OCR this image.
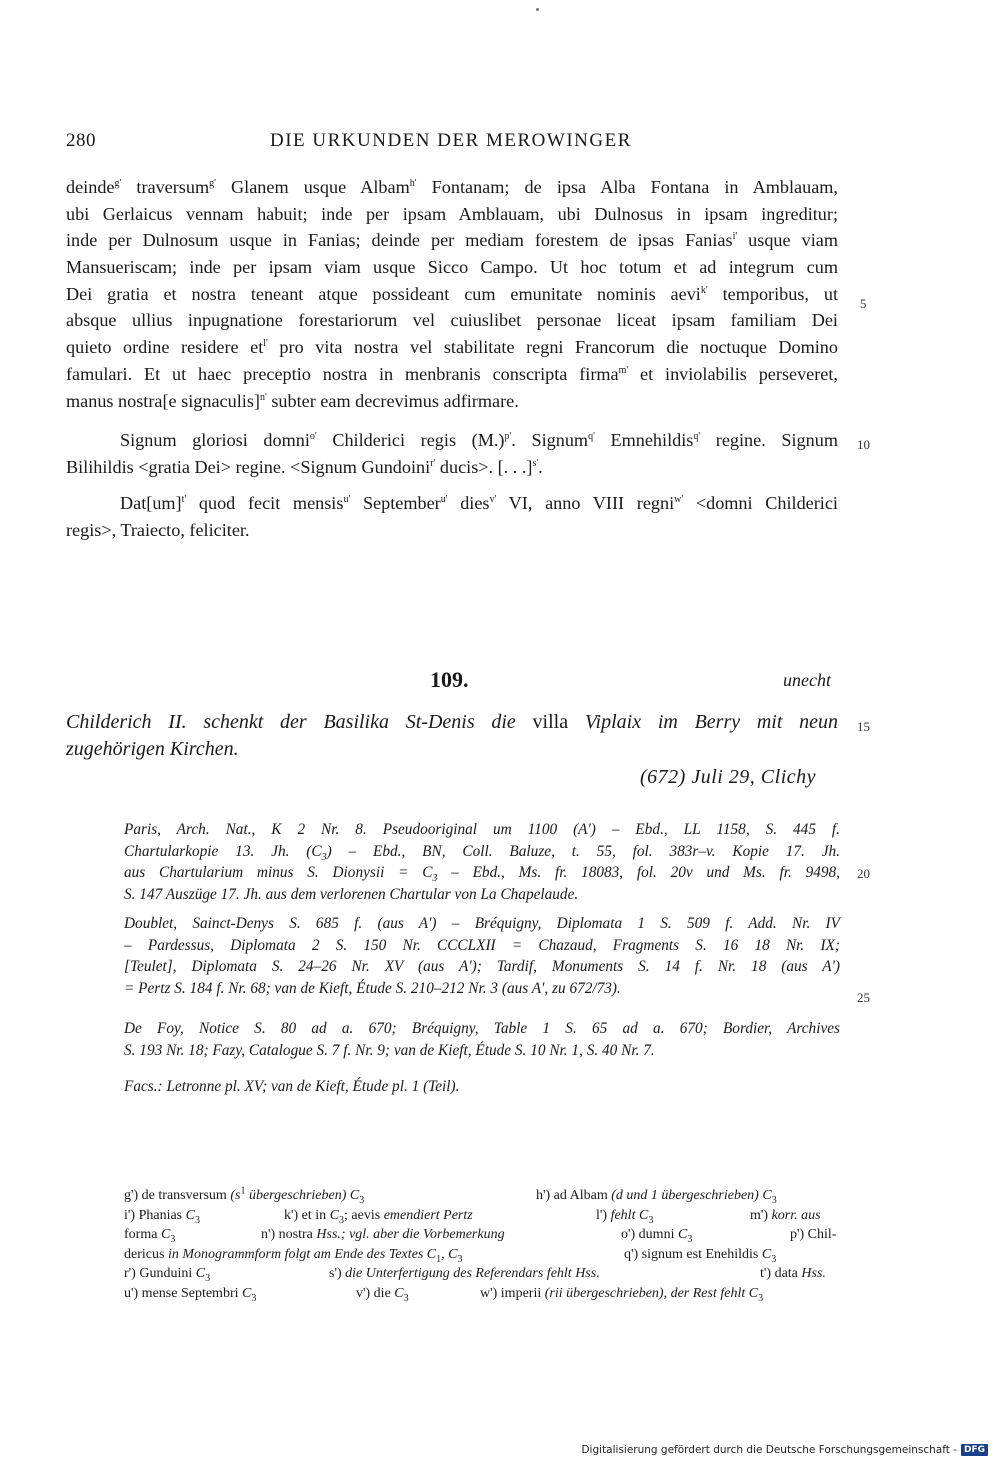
280	DIE URKUNDEN DER MEROWINGER
deinde$^{g'}$ traversum$^{g'}$ Glanem usque Albam$^{h'}$ Fontanam; de ipsa Alba Fontana in Amblauam,
ubi Gerlaicus vennam habuit; inde per ipsam Amblauam, ubi Dulnosus in ipsam ingreditur;
inde per Dulnosum usque in Fanias; deinde per mediam forestem de ipsas Fanias$^{i'}$ usque viam
Mansueriscam; inde per ipsam viam usque Sicco Campo. Ut hoc totum et ad integrum cum
Dei gratia et nostra teneant atque possideant cum emunitate nominis aevi$^{k'}$ temporibus, ut
absque ullius inpugnatione forestariorum vel cuiuslibet personae liceat ipsam familiam Dei
quieto ordine residere $et^{l'}$ pro vita nostra vel stabilitate regni Francorum die noctuque Domino
famulari. Et ut haec preceptio nostra in menbranis conscripta firma$^{m'}$ et inviolabilis perseveret,
manus nostra[e signaculis]$^{n'}$ subter eam decrevimus adfirmare.
Signum gloriosi domni$^{o'}$ Childerici regis $(M.)^{p'}$. Signum$^{q'}$ Emnehildis$^{q'}$ regine. Signum
Bilihildis <gratia Dei> regine. <Signum Gundoini$^{r'}$ ducis>. [. . .]$^{s'}$.
Dat[um]$^{t'}$ quod fecit mensis$^{u'}$ September$^{u'}$ dies$^{v'}$ VI, anno VIII regni$^{w'}$ <domni Childerici
regis>, Traiecto, feliciter.
5
10
15
20
25
109.	unecht
Childerich II. schenkt der Basilika St-Denis die villa Viplaix im Berry mit neun
zugehörigen Kirchen.
(672) Juli 29, Clichy
Paris, Arch. Nat., K 2 Nr. 8. Pseudooriginal um 1100 (A') – Ebd., LL 1158, S. 445 f.
Chartularkopie 13. Jh. $(C_3)$ – Ebd., BN, Coll. Baluze, t. 55, fol. 383r–v. Kopie 17. Jh.
aus Chartularium minus S. Dionysii = $C_3$ – Ebd., Ms. fr. 18083, fol. 20v und Ms. fr. 9498,
S. 147 Auszüge 17. Jh. aus dem verlorenen Chartular von La Chapelaude.
Doublet, Sainct-Denys S. 685 f. (aus A') – Bréquigny, Diplomata 1 S. 509 f. Add. Nr. IV
– Pardessus, Diplomata 2 S. 150 Nr. CCCLXII = Chazaud, Fragments S. 16 18 Nr. IX;
[Teulet], Diplomata S. 24–26 Nr. XV (aus A'); Tardif, Monuments S. 14 f. Nr. 18 (aus A')
= Pertz S. 184 f. Nr. 68; van de Kieft, Étude S. 210–212 Nr. 3 (aus A', zu 672/73).
De Foy, Notice S. 80 ad a. 670; Bréquigny, Table 1 S. 65 ad a. 670; Bordier, Archives
S. 193 Nr. 18; Fazy, Catalogue S. 7 f. Nr. 9; van de Kieft, Étude S. 10 Nr. 1, S. 40 Nr. 7.
Facs.: Letronne pl. XV; van de Kieft, Étude pl. 1 (Teil).
g') de transversum ($s^1$ übergeschrieben) $C_3$	h') ad Albam (d und 1 übergeschrieben) $C_3$
i') Phanias $C_3$	k') et in $C_3$; aevis emendiert Pertz	l') fehlt $C_3$	m') korr. aus
forma $C_3$	n') nostra Hss.; vgl. aber die Vorbemerkung	o') dumni $C_3$	p') Chil-
dericus in Monogrammform folgt am Ende des Textes $C_1$, $C_3$	q') signum est Enehildis $C_3$
r') Gunduini $C_3$	s') die Unterfertigung des Referendars fehlt Hss.	t') data Hss.
u') mense Septembri $C_3$	v') die $C_3$	w') imperii (rii übergeschrieben), der Rest fehlt $C_3$
Digitalisierung gefördert durch die Deutsche Forschungsgemeinschaft - DFG
